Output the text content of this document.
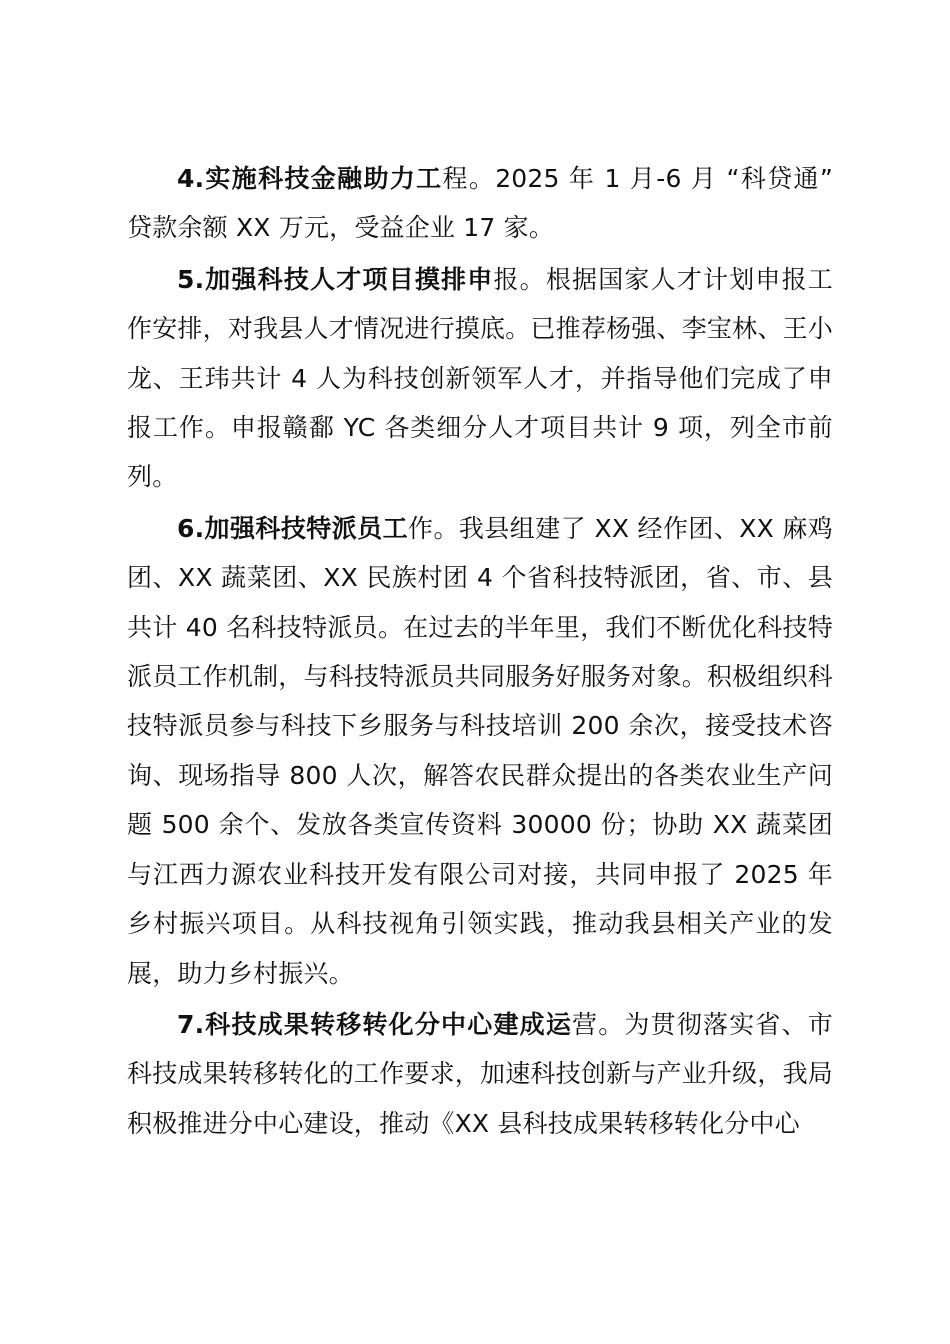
4.实施科技金融助力工程。2025 年 1 月-6 月 “科贷通” 贷款余额 XX 万元，受益企业 17 家。

5.加强科技人才项目摸排申报。根据国家人才计划申报工作安排，对我县人才情况进行摸底。已推荐杨强、李宝林、王小龙、王玮共计 4 人为科技创新领军人才，并指导他们完成了申报工作。申报赣鄱 YC 各类细分人才项目共计 9 项，列全市前列。

6.加强科技特派员工作。我县组建了 XX 经作团、XX 麻鸡团、XX 蔬菜团、XX 民族村团 4 个省科技特派团，省、市、县共计 40 名科技特派员。在过去的半年里，我们不断优化科技特派员工作机制，与科技特派员共同服务好服务对象。积极组织科技特派员参与科技下乡服务与科技培训 200 余次，接受技术咨询、现场指导 800 人次，解答农民群众提出的各类农业生产问题 500 余个、发放各类宣传资料 30000 份；协助 XX 蔬菜团与江西力源农业科技开发有限公司对接，共同申报了 2025 年乡村振兴项目。从科技视角引领实践，推动我县相关产业的发展，助力乡村振兴。

7.科技成果转移转化分中心建成运营。为贯彻落实省、市科技成果转移转化的工作要求，加速科技创新与产业升级，我局积极推进分中心建设，推动《XX 县科技成果转移转化分中心
